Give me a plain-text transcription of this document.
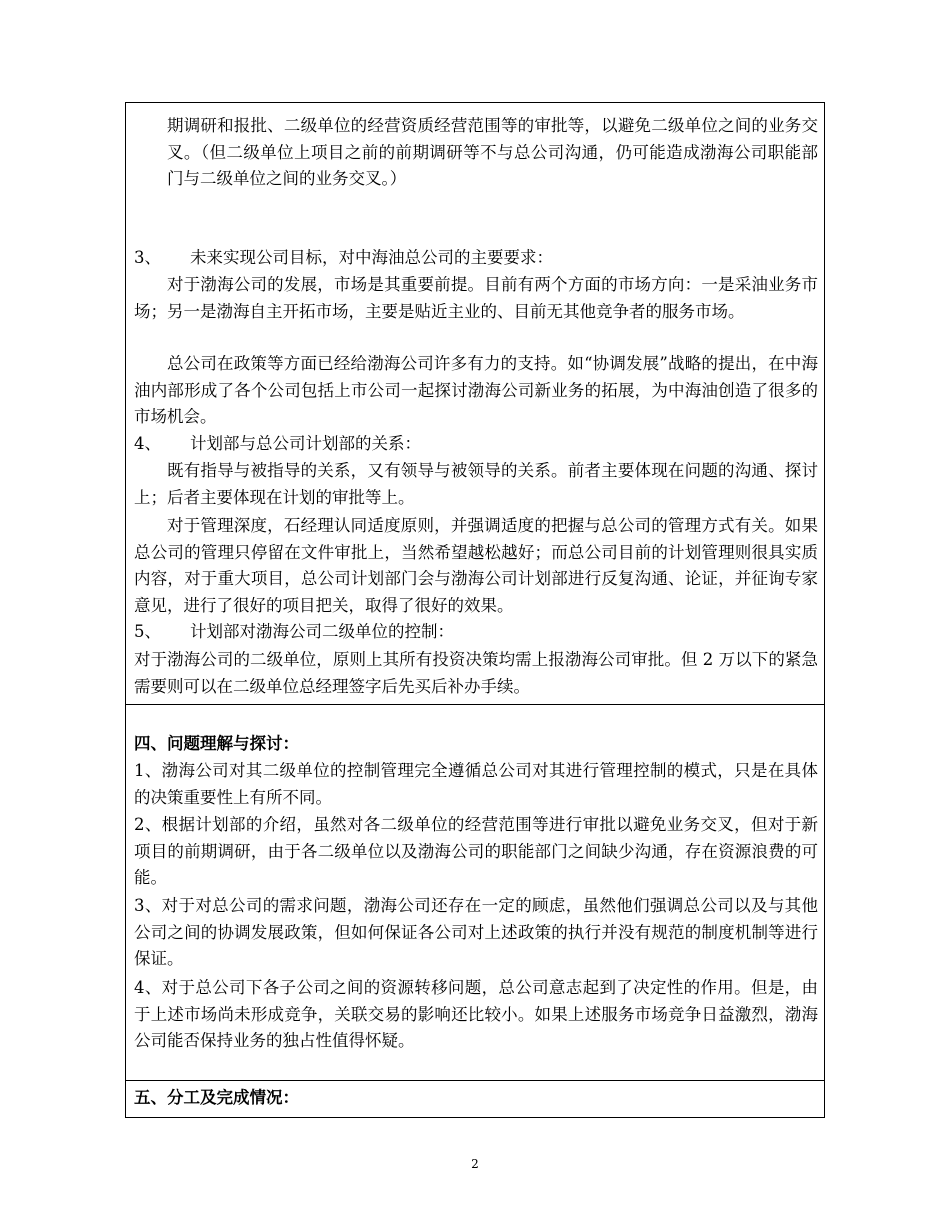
期调研和报批、二级单位的经营资质经营范围等的审批等，以避免二级单位之间的业务交叉。（但二级单位上项目之前的前期调研等不与总公司沟通，仍可能造成渤海公司职能部门与二级单位之间的业务交叉。）

3、 未来实现公司目标，对中海油总公司的主要要求：

对于渤海公司的发展，市场是其重要前提。目前有两个方面的市场方向：一是采油业务市场；另一是渤海自主开拓市场，主要是贴近主业的、目前无其他竞争者的服务市场。

总公司在政策等方面已经给渤海公司许多有力的支持。如“协调发展”战略的提出，在中海油内部形成了各个公司包括上市公司一起探讨渤海公司新业务的拓展，为中海油创造了很多的市场机会。

4、 计划部与总公司计划部的关系：

既有指导与被指导的关系，又有领导与被领导的关系。前者主要体现在问题的沟通、探讨上；后者主要体现在计划的审批等上。

对于管理深度，石经理认同适度原则，并强调适度的把握与总公司的管理方式有关。如果总公司的管理只停留在文件审批上，当然希望越松越好；而总公司目前的计划管理则很具实质内容，对于重大项目，总公司计划部门会与渤海公司计划部进行反复沟通、论证，并征询专家意见，进行了很好的项目把关，取得了很好的效果。

5、 计划部对渤海公司二级单位的控制：

对于渤海公司的二级单位，原则上其所有投资决策均需上报渤海公司审批。但 2 万以下的紧急需要则可以在二级单位总经理签字后先买后补办手续。

四、问题理解与探讨：

1、渤海公司对其二级单位的控制管理完全遵循总公司对其进行管理控制的模式，只是在具体的决策重要性上有所不同。

2、根据计划部的介绍，虽然对各二级单位的经营范围等进行审批以避免业务交叉，但对于新项目的前期调研，由于各二级单位以及渤海公司的职能部门之间缺少沟通，存在资源浪费的可能。

3、对于对总公司的需求问题，渤海公司还存在一定的顾虑，虽然他们强调总公司以及与其他公司之间的协调发展政策，但如何保证各公司对上述政策的执行并没有规范的制度机制等进行保证。

4、对于总公司下各子公司之间的资源转移问题，总公司意志起到了决定性的作用。但是，由于上述市场尚未形成竞争，关联交易的影响还比较小。如果上述服务市场竞争日益激烈，渤海公司能否保持业务的独占性值得怀疑。

五、分工及完成情况：

2
